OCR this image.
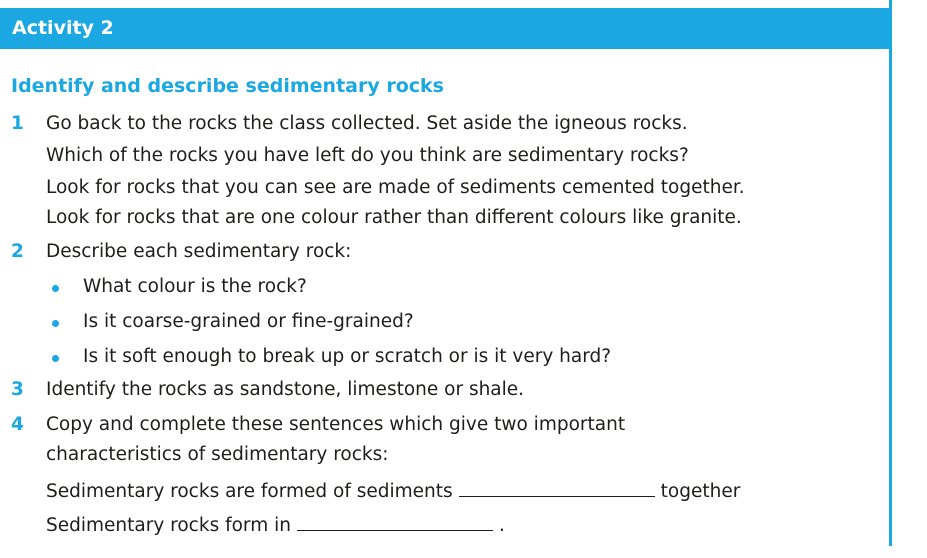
Activity 2
Identify and describe sedimentary rocks
1 Go back to the rocks the class collected. Set aside the igneous rocks.
Which of the rocks you have left do you think are sedimentary rocks?
Look for rocks that you can see are made of sediments cemented together.
Look for rocks that are one colour rather than different colours like granite.
2 Describe each sedimentary rock:
What colour is the rock?
Is it coarse-grained or fine-grained?
Is it soft enough to break up or scratch or is it very hard?
3 Identify the rocks as sandstone, limestone or shale.
4 Copy and complete these sentences which give two important
characteristics of sedimentary rocks:
Sedimentary rocks are formed of sediments	together
Sedimentary rocks form in	.
